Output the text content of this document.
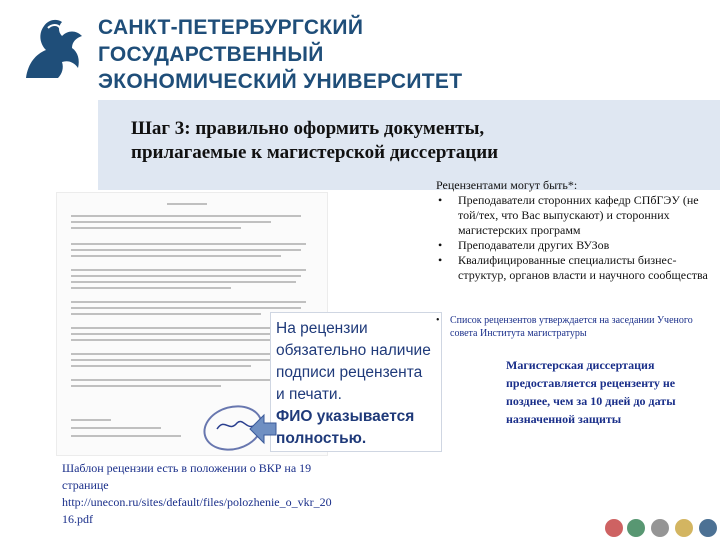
САНКТ-ПЕТЕРБУРГСКИЙ
ГОСУДАРСТВЕННЫЙ
ЭКОНОМИЧЕСКИЙ УНИВЕРСИТЕТ
Шаг 3: правильно оформить документы,
прилагаемые к магистерской диссертации
На рецензии
обязательно наличие
подписи рецензента
и печати.
ФИО указывается
полностью.
Шаблон рецензии есть в положении о ВКР на 19
странице
http://unecon.ru/sites/default/files/polozhenie_o_vkr_20
16.pdf
Рецензентами могут быть*:
• Преподаватели сторонних кафедр СПбГЭУ (не той/тех, что Вас выпускают) и сторонних магистерских программ
• Преподаватели других ВУЗов
• Квалифицированные специалисты бизнес-структур, органов власти и научного сообщества
• Список рецензентов утверждается на заседании Ученого совета Института магистратуры
Магистерская диссертация предоставляется рецензенту не позднее, чем за 10 дней до даты назначенной защиты
